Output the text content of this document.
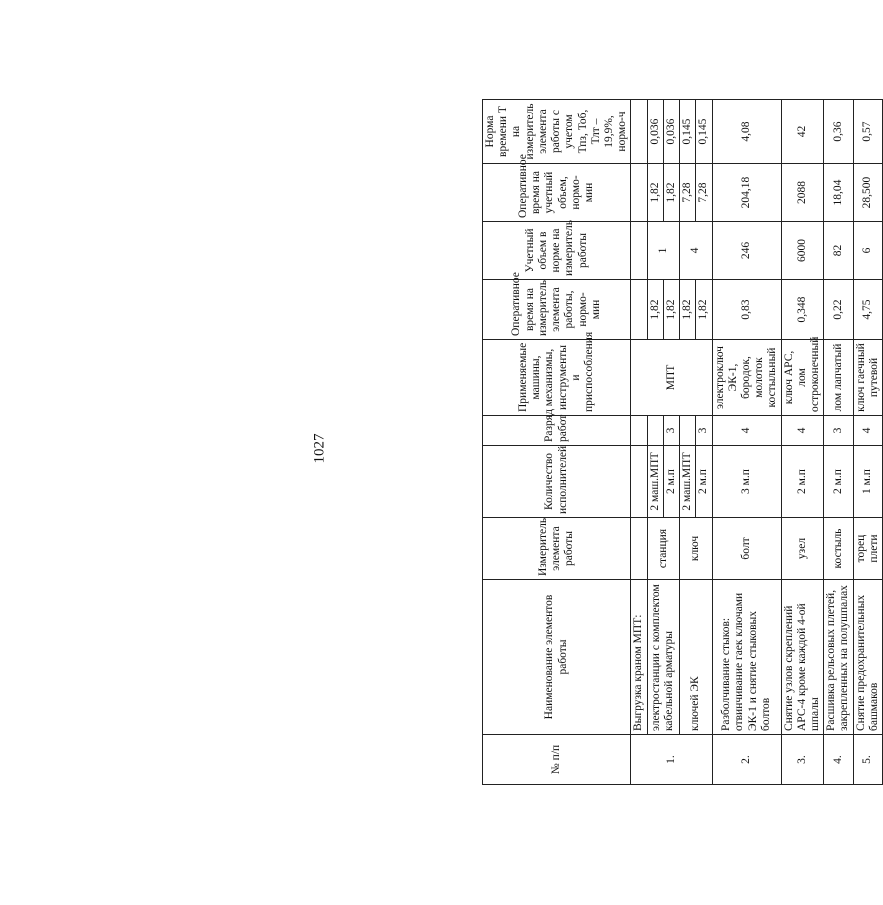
1027
№ п/п	Наименование элементов работы	Измеритель элемента работы	Количество исполнителей	Разряд работ	Применяемые машины, механизмы, инструменты и приспособления	Оперативное время на измеритель элемента работы, нормо-мин	Учетный объем в норме на измеритель работы	Оперативное время на учетный объем, нормо-мин	Норма времени Т на измеритель элемента работы с учетом Тпз, Тоб, Тлт – 19,9%, нормо-ч
1.	Выгрузка краном МПТ:				МПТ				
	электростанции с комплектом кабельной арматуры	станция	2 маш.МПТ			1,82	1	1,82	0,036
			2 м.п	3		1,82		1,82	0,036
	ключей ЭК	ключ	2 маш.МПТ			1,82	4	7,28	0,145
			2 м.п	3		1,82		7,28	0,145
2.	Разболчивание стыков: отвинчивание гаек ключами ЭК-1 и снятие стыковых болтов	болт	3 м.п	4	электроключ ЭК-1, бородок, молоток костыльный	0,83	246	204,18	4,08
3.	Снятие узлов скреплений АРС-4 кроме каждой 4-ой шпалы	узел	2 м.п	4	ключ АРС, лом остроконечный	0,348	6000	2088	42
4.	Расшивка рельсовых плетей, закрепленных на полушпалах	костыль	2 м.п	3	лом лапчатый	0,22	82	18,04	0,36
5.	Снятие предохранительных башмаков	торец плети	1 м.п	4	ключ гаечный путевой	4,75	6	28,500	0,57
